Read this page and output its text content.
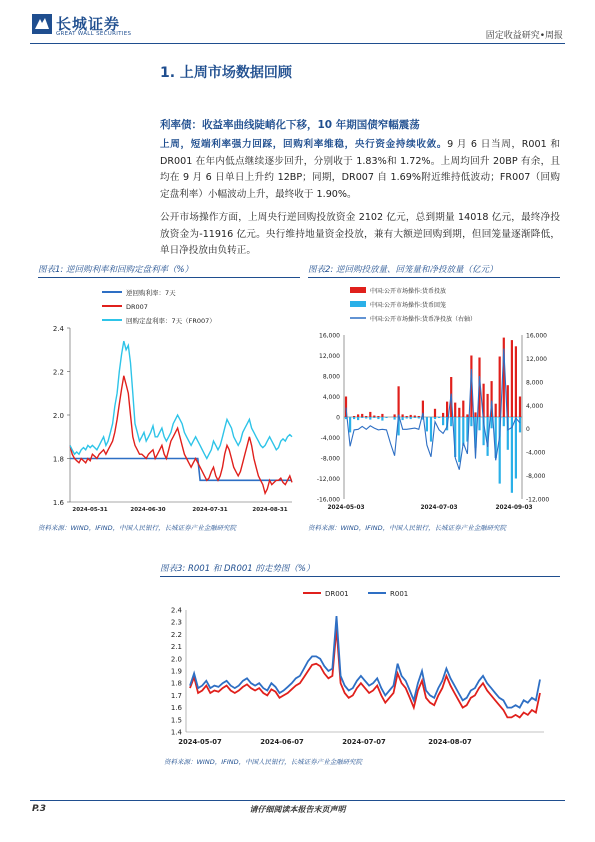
长城证券
GREAT WALL SECURITIES	固定收益研究•周报
1. 上周市场数据回顾
利率债：收益率曲线陡峭化下移，10 年期国债窄幅震荡
上周，短端利率强力回踩，回购利率维稳，央行资金持续收敛。9 月 6 日当周，R001 和 DR001 在年内低点继续逐步回升，分别收于 1.83%和 1.72%。上周均回升 20BP 有余，且均在 9 月 6 日单日上升约 12BP；同期，DR007 自 1.69%附近维持低波动；FR007（回购定盘利率）小幅波动上升，最终收于 1.90%。
公开市场操作方面，上周央行逆回购投放资金 2102 亿元，总到期量 14018 亿元，最终净投放资金为-11916 亿元。央行维持地量资金投放，兼有大额逆回购到期，但回笼量逐渐降低，单日净投放由负转正。
图表1: 逆回购利率和回购定盘利率（%）
逆回购利率：7天
DR007
回购定盘利率：7天（FR007）
1.6
1.8
2.0
2.2
2.4
2024-05-31	2024-06-30	2024-07-31	2024-08-31
资料来源：WIND，IFIND，中国人民银行，长城证券产业金融研究院
图表2: 逆回购投放量、回笼量和净投放量（亿元）
中国:公开市场操作:货币投放
中国:公开市场操作:货币回笼
中国:公开市场操作:货币净投放（右轴）
-16,000
-12,000
-8,000
-4,000
0
4,000
8,000
12,000
16,000
-12,000
-8,000
-4,000
0
4,000
8,000
12,000
16,000
2024-05-03	2024-07-03	2024-09-03
资料来源：WIND，IFIND，中国人民银行，长城证券产业金融研究院
图表3: R001 和 DR001 的走势图（%）
DR001	R001
1.4
1.5
1.6
1.7
1.8
1.9
2.0
2.1
2.2
2.3
2.4
2024-05-07	2024-06-07	2024-07-07	2024-08-07
资料来源：WIND，IFIND，中国人民银行，长城证券产业金融研究院
P.3	请仔细阅读本报告末页声明
